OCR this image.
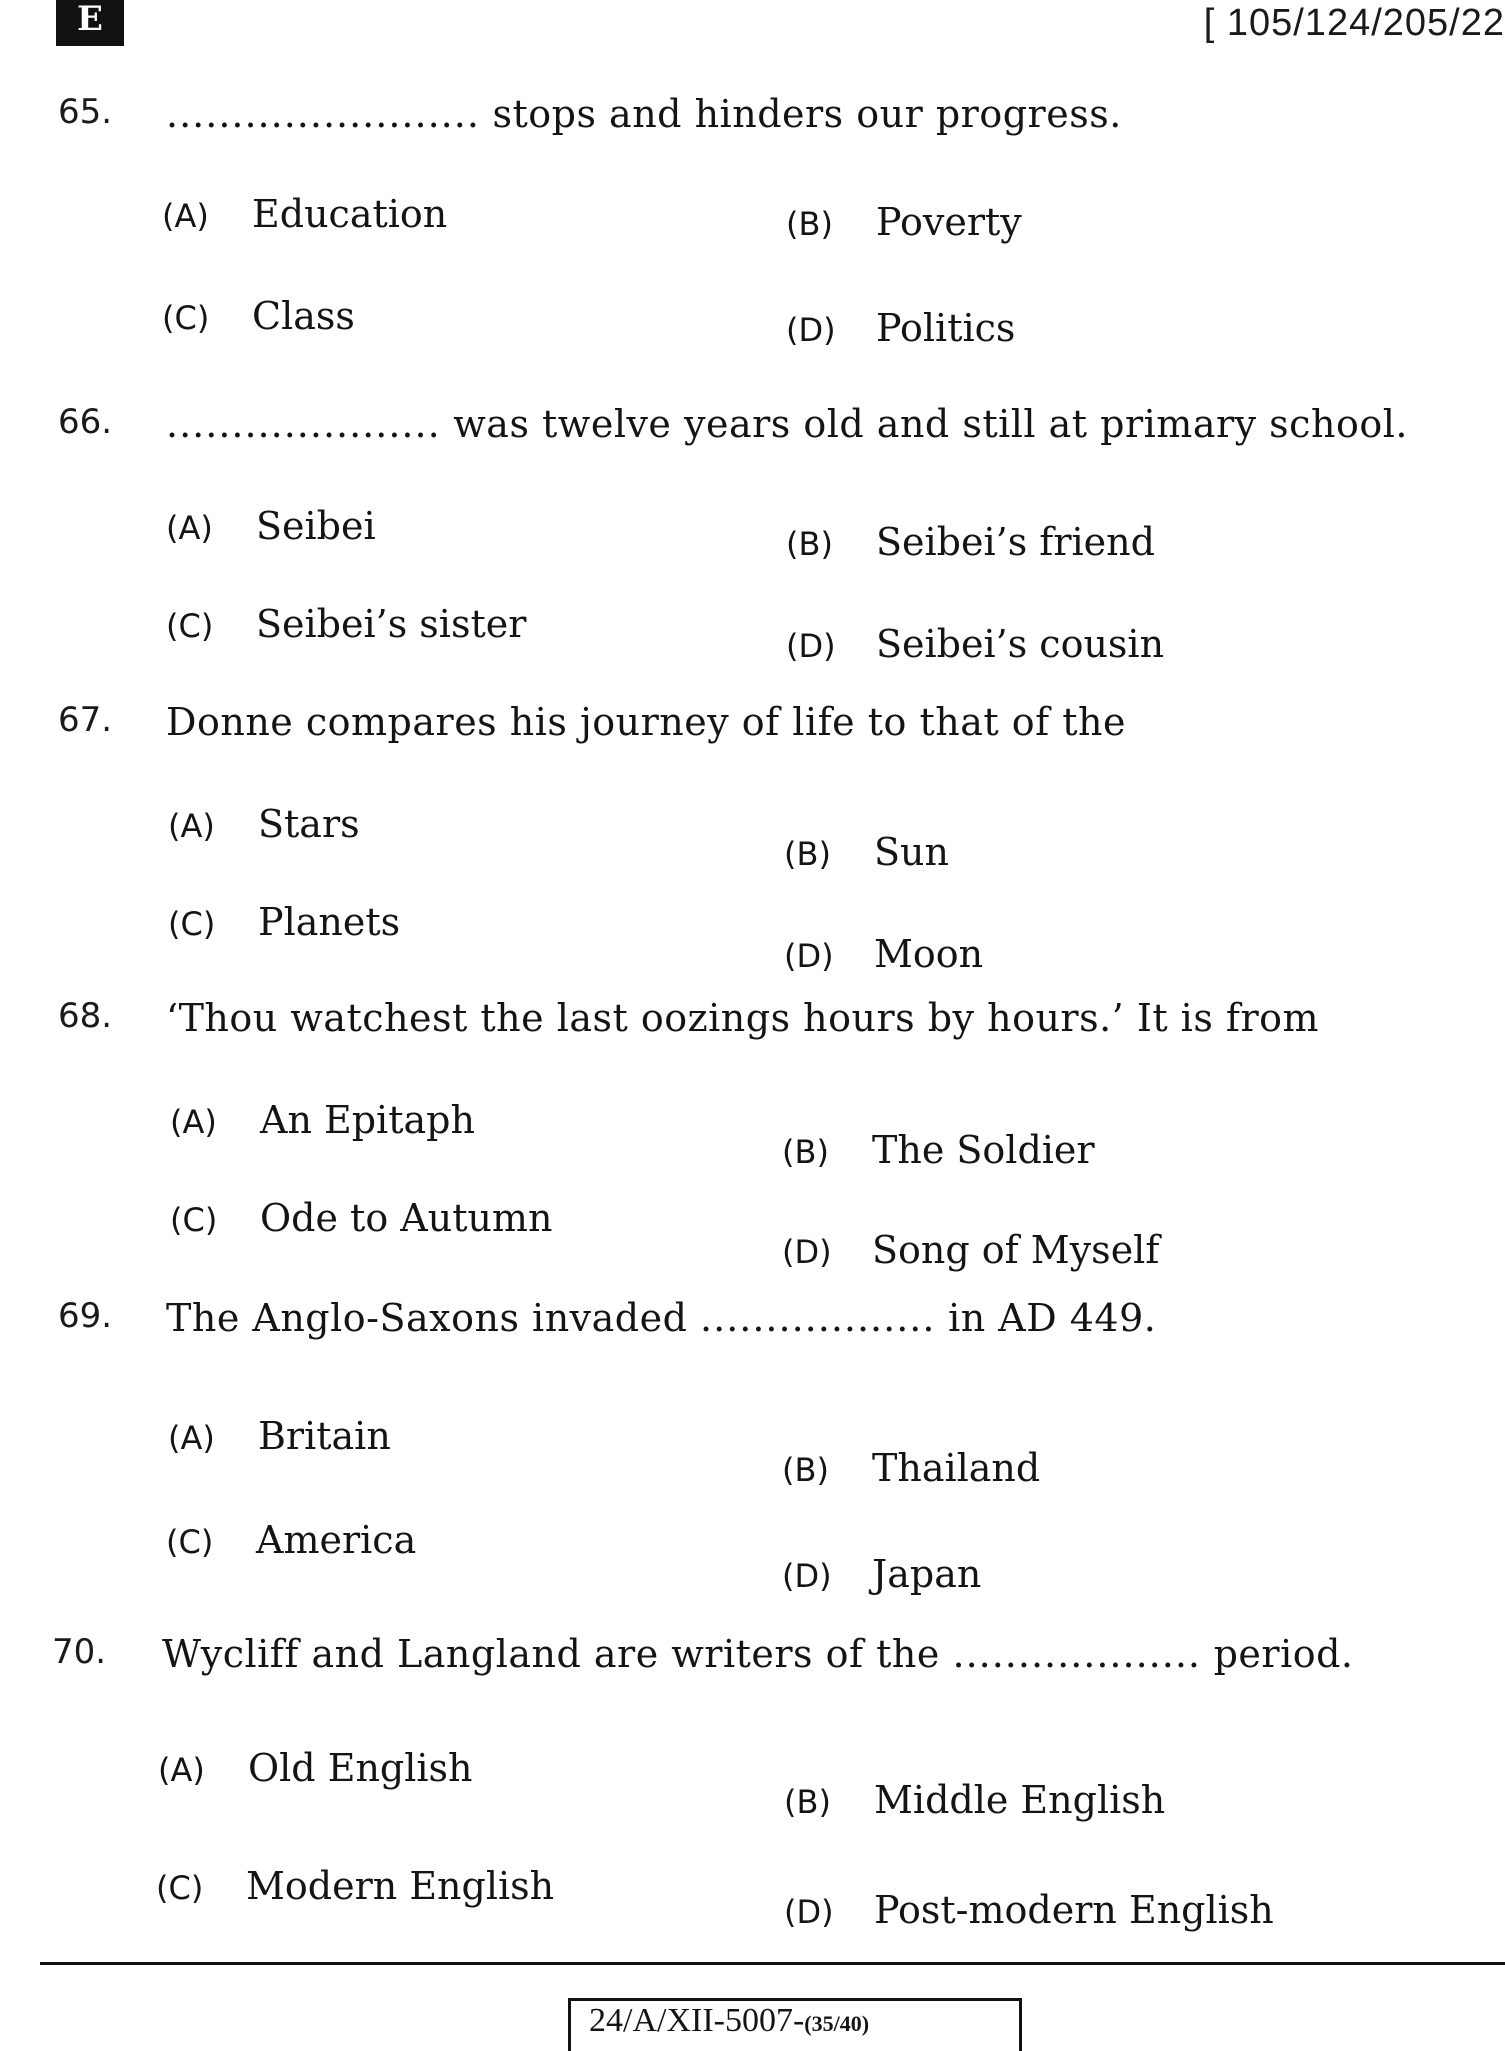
E	[ 105/124/205/22
65. ........................ stops and hinders our progress.
(A) Education	(B) Poverty
(C) Class	(D) Politics
66. ..................... was twelve years old and still at primary school.
(A) Seibei	(B) Seibei’s friend
(C) Seibei’s sister	(D) Seibei’s cousin
67. Donne compares his journey of life to that of the
(A) Stars
(B) Sun
(C) Planets
(D) Moon
68. ‘Thou watchest the last oozings hours by hours.’ It is from
(A) An Epitaph
(B) The Soldier
(C) Ode to Autumn
(D) Song of Myself
69. The Anglo-Saxons invaded .................. in AD 449.
(A) Britain
(B) Thailand
(C) America
(D) Japan
70. Wycliff and Langland are writers of the ................... period.
(A) Old English
(B) Middle English
(C) Modern English
(D) Post-modern English
24/A/XII-5007-(35/40)
